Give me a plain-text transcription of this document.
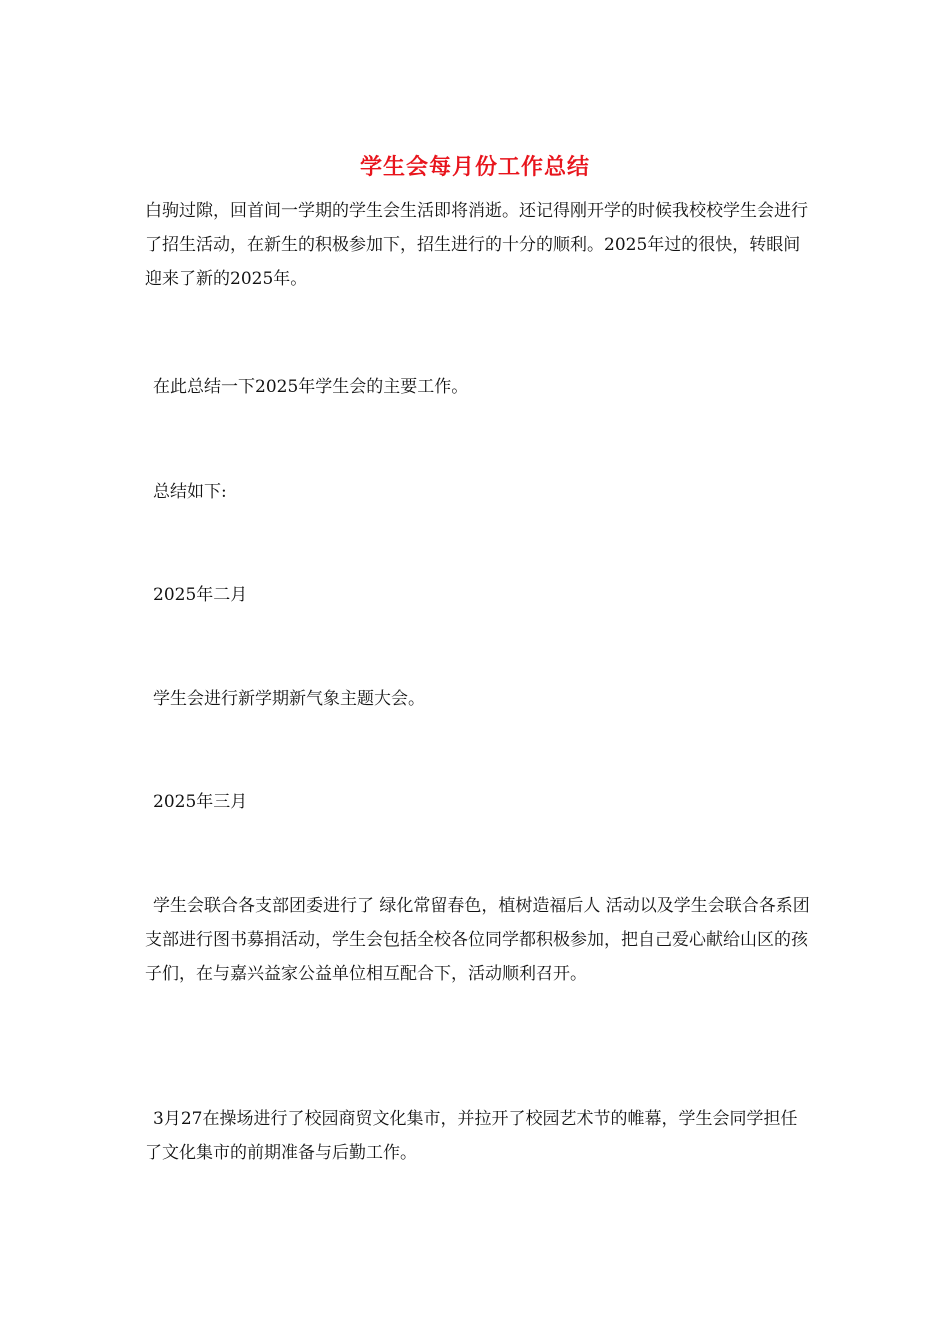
学生会每月份工作总结
白驹过隙，回首间一学期的学生会生活即将消逝。还记得刚开学的时候我校校学生会进行了招生活动，在新生的积极参加下，招生进行的十分的顺利。2025年过的很快，转眼间迎来了新的2025年。
在此总结一下2025年学生会的主要工作。
总结如下:
2025年二月
学生会进行新学期新气象主题大会。
2025年三月
学生会联合各支部团委进行了 绿化常留春色，植树造福后人 活动以及学生会联合各系团支部进行图书募捐活动，学生会包括全校各位同学都积极参加，把自己爱心献给山区的孩子们，在与嘉兴益家公益单位相互配合下，活动顺利召开。
3月27在操场进行了校园商贸文化集市，并拉开了校园艺术节的帷幕，学生会同学担任了文化集市的前期准备与后勤工作。
